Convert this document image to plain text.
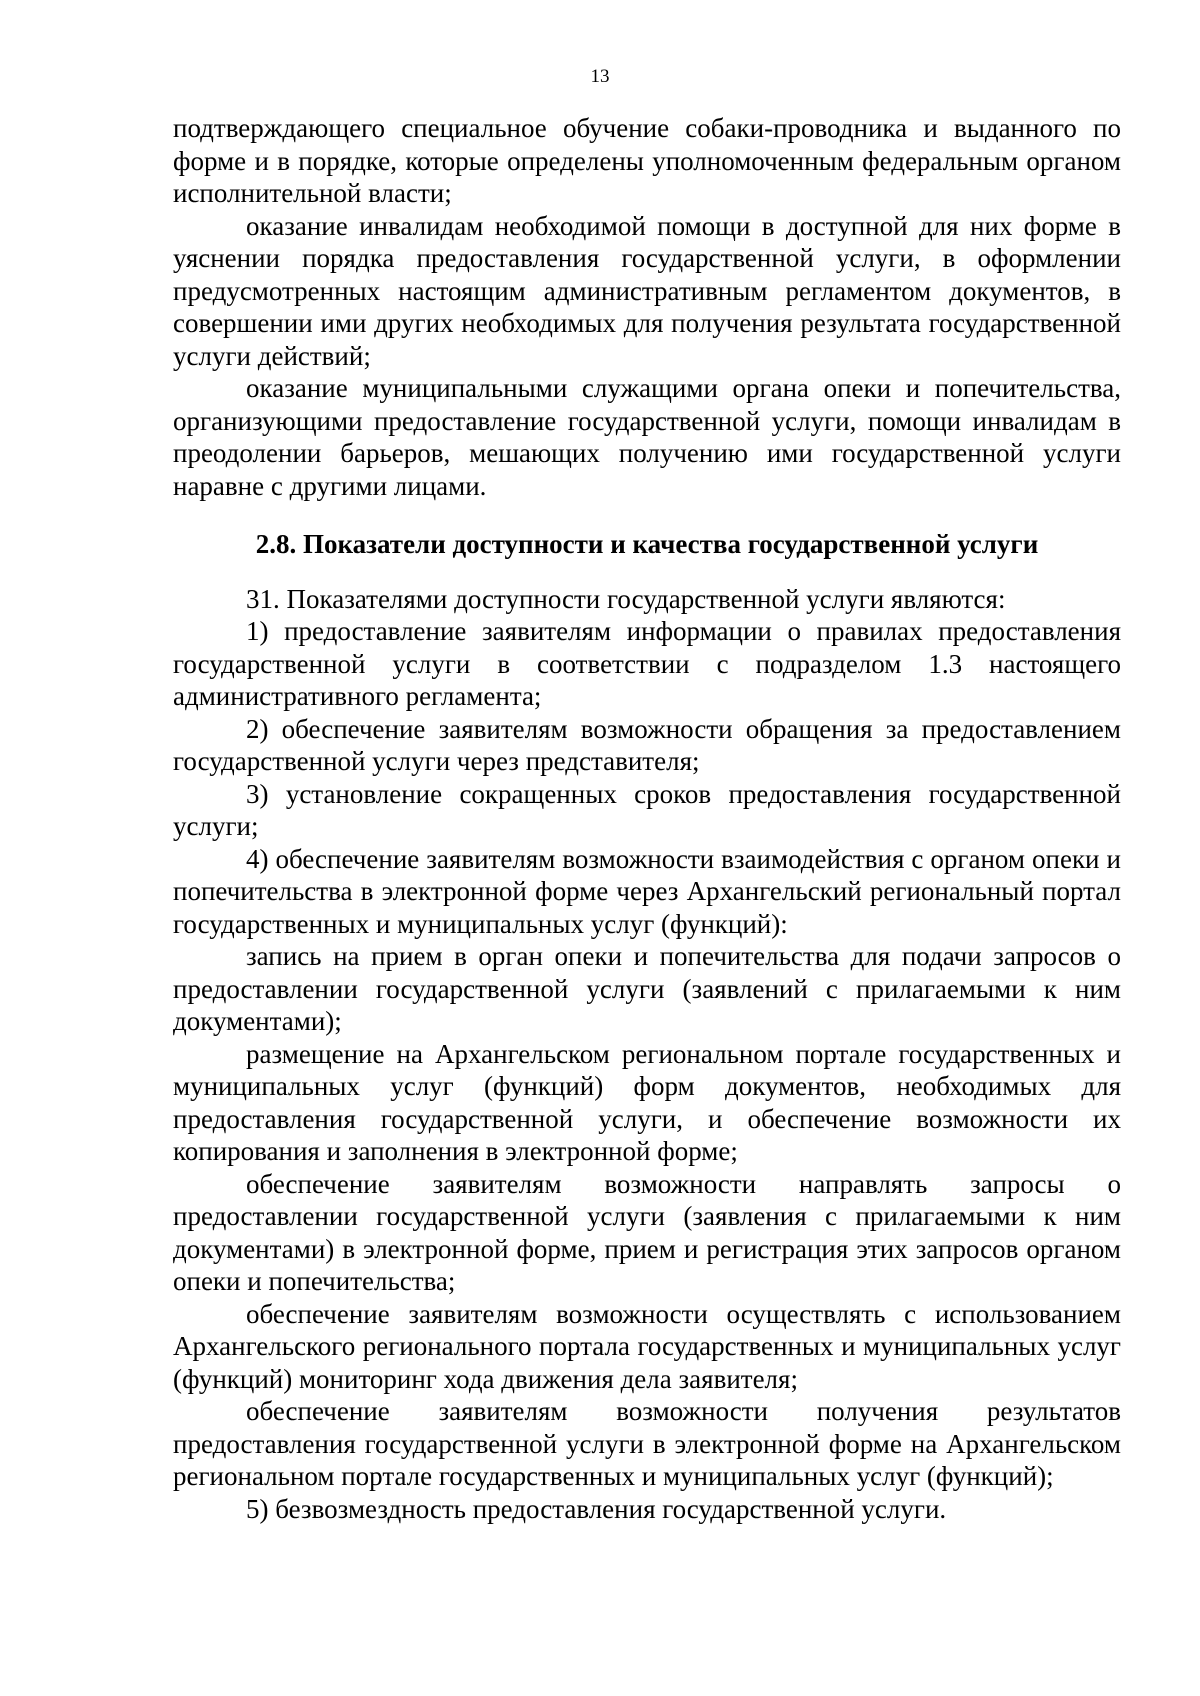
13

подтверждающего специальное обучение собаки-проводника и выданного по форме и в порядке, которые определены уполномоченным федеральным органом исполнительной власти;

оказание инвалидам необходимой помощи в доступной для них форме в уяснении порядка предоставления государственной услуги, в оформлении предусмотренных настоящим административным регламентом документов, в совершении ими других необходимых для получения результата государственной услуги действий;

оказание муниципальными служащими органа опеки и попечительства, организующими предоставление государственной услуги, помощи инвалидам в преодолении барьеров, мешающих получению ими государственной услуги наравне с другими лицами.

2.8. Показатели доступности и качества государственной услуги

31. Показателями доступности государственной услуги являются:

1) предоставление заявителям информации о правилах предоставления государственной услуги в соответствии с подразделом 1.3 настоящего административного регламента;

2) обеспечение заявителям возможности обращения за предоставлением государственной услуги через представителя;

3) установление сокращенных сроков предоставления государственной услуги;

4) обеспечение заявителям возможности взаимодействия с органом опеки и попечительства в электронной форме через Архангельский региональный портал государственных и муниципальных услуг (функций):

запись на прием в орган опеки и попечительства для подачи запросов о предоставлении государственной услуги (заявлений с прилагаемыми к ним документами);

размещение на Архангельском региональном портале государственных и муниципальных услуг (функций) форм документов, необходимых для предоставления государственной услуги, и обеспечение возможности их копирования и заполнения в электронной форме;

обеспечение заявителям возможности направлять запросы о предоставлении государственной услуги (заявления с прилагаемыми к ним документами) в электронной форме, прием и регистрация этих запросов органом опеки и попечительства;

обеспечение заявителям возможности осуществлять с использованием Архангельского регионального портала государственных и муниципальных услуг (функций) мониторинг хода движения дела заявителя;

обеспечение заявителям возможности получения результатов предоставления государственной услуги в электронной форме на Архангельском региональном портале государственных и муниципальных услуг (функций);

5) безвозмездность предоставления государственной услуги.
